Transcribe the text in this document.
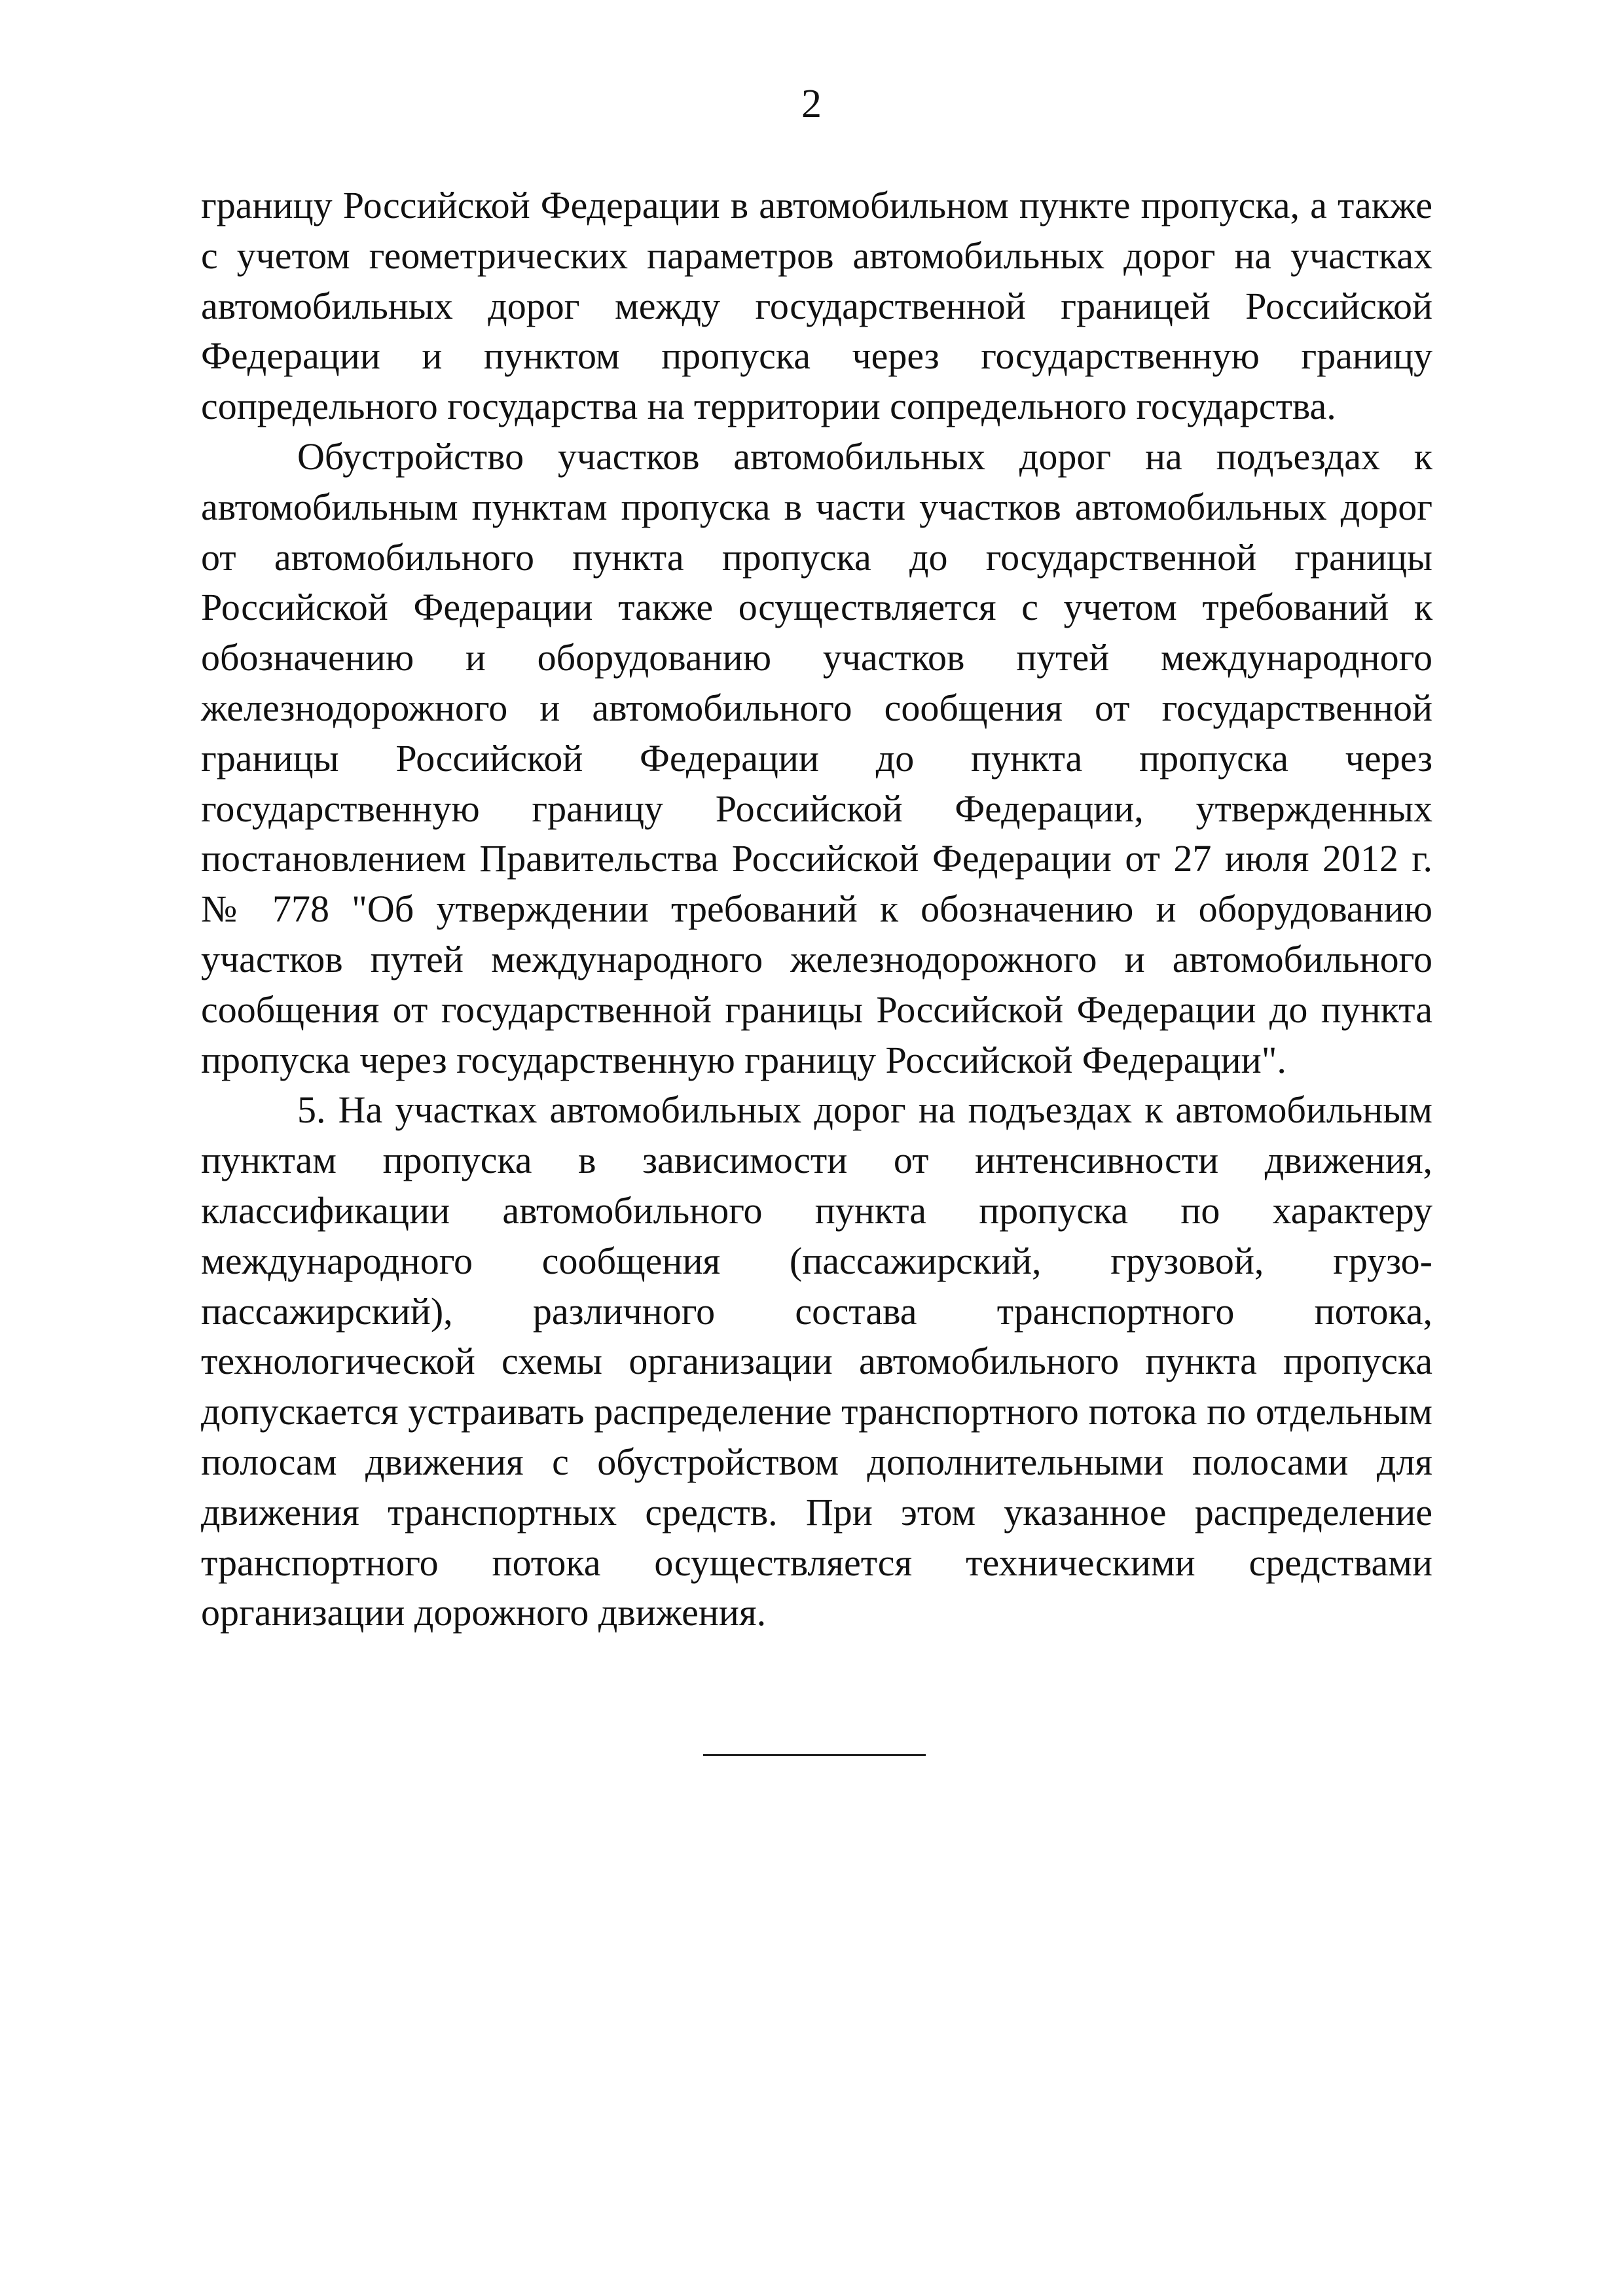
2

границу Российской Федерации в автомобильном пункте пропуска, а также с учетом геометрических параметров автомобильных дорог на участках автомобильных дорог между государственной границей Российской Федерации и пунктом пропуска через государственную границу сопредельного государства на территории сопредельного государства.

Обустройство участков автомобильных дорог на подъездах к автомобильным пунктам пропуска в части участков автомобильных дорог от автомобильного пункта пропуска до государственной границы Российской Федерации также осуществляется с учетом требований к обозначению и оборудованию участков путей международного железнодорожного и автомобильного сообщения от государственной границы Российской Федерации до пункта пропуска через государственную границу Российской Федерации, утвержденных постановлением Правительства Российской Федерации от 27 июля 2012 г. № 778 "Об утверждении требований к обозначению и оборудованию участков путей международного железнодорожного и автомобильного сообщения от государственной границы Российской Федерации до пункта пропуска через государственную границу Российской Федерации".

5. На участках автомобильных дорог на подъездах к автомобильным пунктам пропуска в зависимости от интенсивности движения, классификации автомобильного пункта пропуска по характеру международного сообщения (пассажирский, грузовой, грузо-пассажирский), различного состава транспортного потока, технологической схемы организации автомобильного пункта пропуска допускается устраивать распределение транспортного потока по отдельным полосам движения с обустройством дополнительными полосами для движения транспортных средств. При этом указанное распределение транспортного потока осуществляется техническими средствами организации дорожного движения.
